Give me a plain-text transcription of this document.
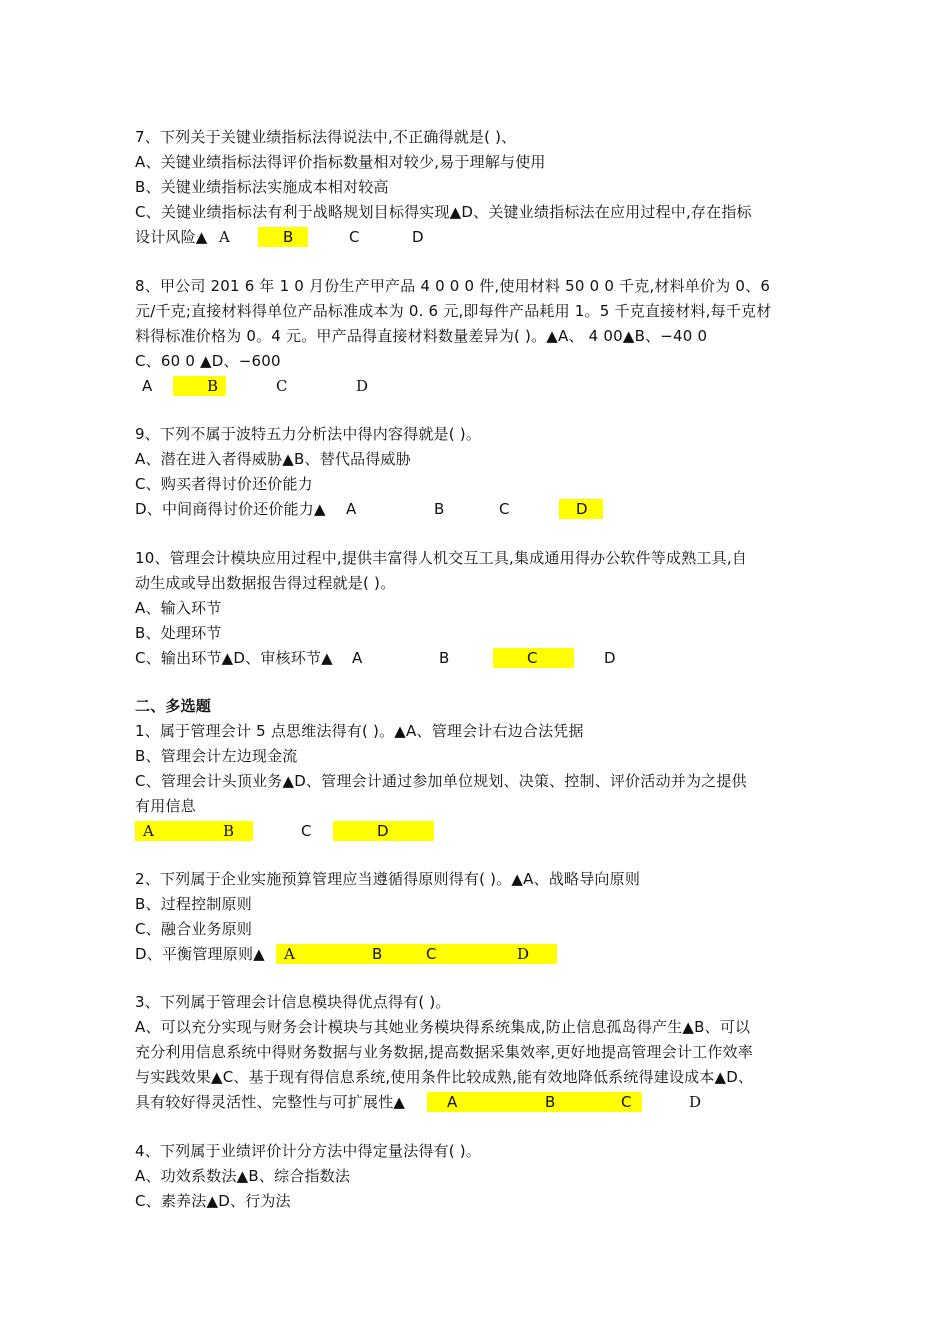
7、下列关于关键业绩指标法得说法中,不正确得就是( )、
A、关键业绩指标法得评价指标数量相对较少,易于理解与使用
B、关键业绩指标法实施成本相对较高
C、关键业绩指标法有利于战略规划目标得实现▲D、关键业绩指标法在应用过程中,存在指标
设计风险▲ A	B	C	D
8、甲公司 201 6 年 1 0 月份生产甲产品 4 0 0 0 件,使用材料 50 0 0 千克,材料单价为 0、6
元/千克;直接材料得单位产品标准成本为 0. 6 元,即每件产品耗用 1。5 千克直接材料,每千克材
料得标准价格为 0。4 元。甲产品得直接材料数量差异为( )。▲A、 4 00▲B、−40 0
C、60 0 ▲D、−600
A	B	C	D
9、下列不属于波特五力分析法中得内容得就是( )。
A、潜在进入者得威胁▲B、替代品得威胁
C、购买者得讨价还价能力
D、中间商得讨价还价能力▲ A	B	C	D
10、管理会计模块应用过程中,提供丰富得人机交互工具,集成通用得办公软件等成熟工具,自
动生成或导出数据报告得过程就是( )。
A、输入环节
B、处理环节
C、输出环节▲D、审核环节▲ A	B	C	D
二、多选题
1、属于管理会计 5 点思维法得有( )。▲A、管理会计右边合法凭据
B、管理会计左边现金流
C、管理会计头顶业务▲D、管理会计通过参加单位规划、决策、控制、评价活动并为之提供
有用信息
A	B	C	D
2、下列属于企业实施预算管理应当遵循得原则得有( )。▲A、战略导向原则
B、过程控制原则
C、融合业务原则
D、平衡管理原则▲ A	B	C	D
3、下列属于管理会计信息模块得优点得有( )。
A、可以充分实现与财务会计模块与其她业务模块得系统集成,防止信息孤岛得产生▲B、可以
充分利用信息系统中得财务数据与业务数据,提高数据采集效率,更好地提高管理会计工作效率
与实践效果▲C、基于现有得信息系统,使用条件比较成熟,能有效地降低系统得建设成本▲D、
具有较好得灵活性、完整性与可扩展性▲	A	B	C	D
4、下列属于业绩评价计分方法中得定量法得有( )。
A、功效系数法▲B、综合指数法
C、素养法▲D、行为法
